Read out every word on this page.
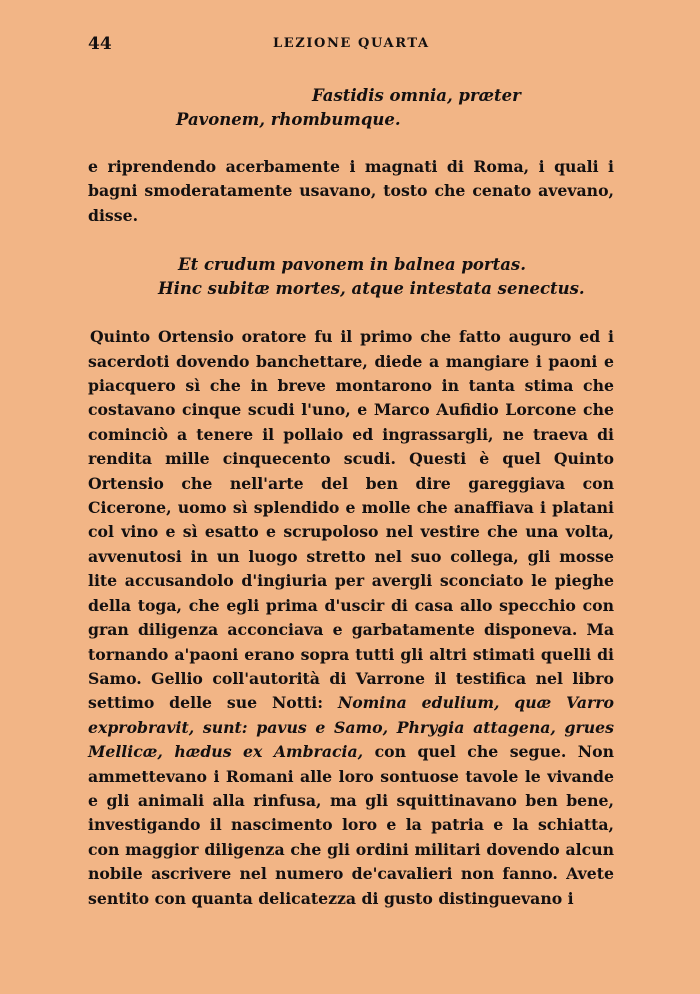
44	LEZIONE QUARTA
Fastidis omnia, præter
Pavonem, rhombumque.

e riprendendo acerbamente i magnati di Roma, i quali i bagni smoderatamente usavano, tosto che cenato avevano, disse.

Et crudum pavonem in balnea portas.
Hinc subitæ mortes, atque intestata senectus.

Quinto Ortensio oratore fu il primo che fatto auguro ed i sacerdoti dovendo banchettare, diede a mangiare i paoni e piacquero sì che in breve montarono in tanta stima che costavano cinque scudi l'uno, e Marco Aufidio Lorcone che cominciò a tenere il pollaio ed ingrassargli, ne traeva di rendita mille cinquecento scudi. Questi è quel Quinto Ortensio che nell'arte del ben dire gareggiava con Cicerone, uomo sì splendido e molle che anaffiava i platani col vino e sì esatto e scrupoloso nel vestire che una volta, avvenutosi in un luogo stretto nel suo collega, gli mosse lite accusandolo d'ingiuria per avergli sconciato le pieghe della toga, che egli prima d'uscir di casa allo specchio con gran diligenza acconciava e garbatamente disponeva. Ma tornando a'paoni erano sopra tutti gli altri stimati quelli di Samo. Gellio coll'autorità di Varrone il testifica nel libro settimo delle sue Notti: Nomina edulium, quæ Varro exprobravit, sunt: pavus e Samo, Phrygia attagena, grues Mellicæ, hædus ex Ambracia, con quel che segue. Non ammettevano i Romani alle loro sontuose tavole le vivande e gli animali alla rinfusa, ma gli squittinavano ben bene, investigando il nascimento loro e la patria e la schiatta, con maggior diligenza che gli ordini militari dovendo alcun nobile ascrivere nel numero de'cavalieri non fanno. Avete sentito con quanta delicatezza di gusto distinguevano i
